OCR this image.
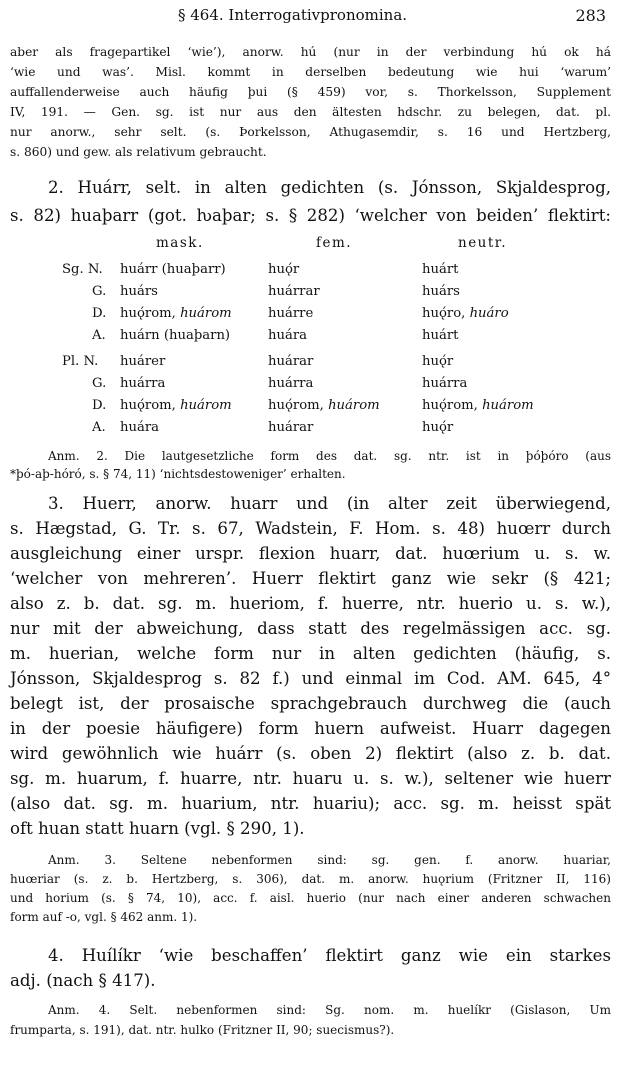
§ 464. Interrogativpronomina.	283
aber als fragepartikel ‘wie’), anorw. hú (nur in der verbindung hú ok há
‘wie und was’. Misl. kommt in derselben bedeutung wie hui ‘warum’
auffallenderweise auch häufig þui (§ 459) vor, s. Thorkelsson, Supplement
IV, 191. — Gen. sg. ist nur aus den ältesten hdschr. zu belegen, dat. pl.
nur anorw., sehr selt. (s. Þorkelsson, Athugasemdir, s. 16 und Hertzberg,
s. 860) und gew. als relativum gebraucht.
2. Huárr, selt. in alten gedichten (s. Jónsson, Skjaldesprog,
s. 82) huaþarr (got. ƕaþar; s. § 282) ‘welcher von beiden’ flektirt:
mask.	fem.	neutr.
Sg. N. huárr (huaþarr)	huǫ́r	huárt
G. huárs	huárrar	huárs
D. huǫ́rom, huárom	huárre	huǫ́ro, huáro
A. huárn (huaþarn)	huára	huárt
Pl. N. huárer	huárar	huǫ́r
G. huárra	huárra	huárra
D. huǫ́rom, huárom	huǫ́rom, huárom	huǫ́rom, huárom
A. huára	huárar	huǫ́r
Anm. 2. Die lautgesetzliche form des dat. sg. ntr. ist in þóþóro (aus
*þó-aþ-hóró, s. § 74, 11) ‘nichtsdestoweniger’ erhalten.
3. Huerr, anorw. huarr und (in alter zeit überwiegend,
s. Hægstad, G. Tr. s. 67, Wadstein, F. Hom. s. 48) huœrr durch
ausgleichung einer urspr. flexion huarr, dat. huœrium u. s. w.
‘welcher von mehreren’. Huerr flektirt ganz wie sekr (§ 421;
also z. b. dat. sg. m. hueriom, f. huerre, ntr. huerio u. s. w.),
nur mit der abweichung, dass statt des regelmässigen acc. sg.
m. huerian, welche form nur in alten gedichten (häufig, s.
Jónsson, Skjaldesprog s. 82 f.) und einmal im Cod. AM. 645, 4°
belegt ist, der prosaische sprachgebrauch durchweg die (auch
in der poesie häufigere) form huern aufweist. Huarr dagegen
wird gewöhnlich wie huárr (s. oben 2) flektirt (also z. b. dat.
sg. m. huarum, f. huarre, ntr. huaru u. s. w.), seltener wie huerr
(also dat. sg. m. huarium, ntr. huariu); acc. sg. m. heisst spät
oft huan statt huarn (vgl. § 290, 1).
Anm. 3. Seltene nebenformen sind: sg. gen. f. anorw. huariar,
huœriar (s. z. b. Hertzberg, s. 306), dat. m. anorw. huǫrium (Fritzner II, 116)
und horium (s. § 74, 10), acc. f. aisl. huerio (nur nach einer anderen schwachen
form auf -o, vgl. § 462 anm. 1).
4. Huílíkr ‘wie beschaffen’ flektirt ganz wie ein starkes
adj. (nach § 417).
Anm. 4. Selt. nebenformen sind: Sg. nom. m. huelíkr (Gislason, Um
frumparta, s. 191), dat. ntr. hulko (Fritzner II, 90; suecismus?).
